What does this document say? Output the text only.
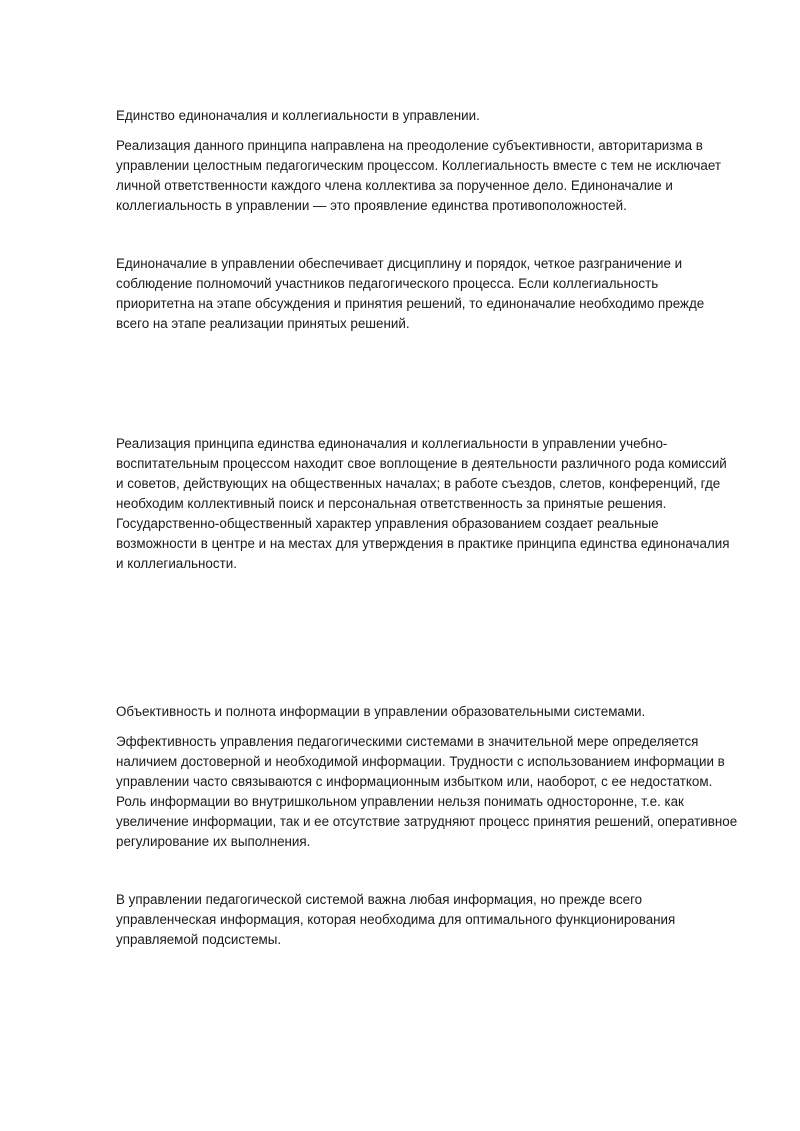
Единство единоначалия и коллегиальности в управлении.

Реализация данного принципа направлена на преодоление субъективности, авторитаризма в
управлении целостным педагогическим процессом. Коллегиальность вместе с тем не исключает
личной ответственности каждого члена коллектива за порученное дело. Единоначалие и
коллегиальность в управлении — это проявление единства противоположностей.

Единоначалие в управлении обеспечивает дисциплину и порядок, четкое разграничение и
соблюдение полномочий участников педагогического процесса. Если коллегиальность
приоритетна на этапе обсуждения и принятия решений, то единоначалие необходимо прежде
всего на этапе реализации принятых решений.

Реализация принципа единства единоначалия и коллегиальности в управлении учебно-
воспитательным процессом находит свое воплощение в деятельности различного рода комиссий
и советов, действующих на общественных началах; в работе съездов, слетов, конференций, где
необходим коллективный поиск и персональная ответственность за принятые решения.
Государственно-общественный характер управления образованием создает реальные
возможности в центре и на местах для утверждения в практике принципа единства единоначалия
и коллегиальности.

Объективность и полнота информации в управлении образовательными системами.

Эффективность управления педагогическими системами в значительной мере определяется
наличием достоверной и необходимой информации. Трудности с использованием информации в
управлении часто связываются с информационным избытком или, наоборот, с ее недостатком.
Роль информации во внутришкольном управлении нельзя понимать односторонне, т.е. как
увеличение информации, так и ее отсутствие затрудняют процесс принятия решений, оперативное
регулирование их выполнения.

В управлении педагогической системой важна любая информация, но прежде всего
управленческая информация, которая необходима для оптимального функционирования
управляемой подсистемы.
